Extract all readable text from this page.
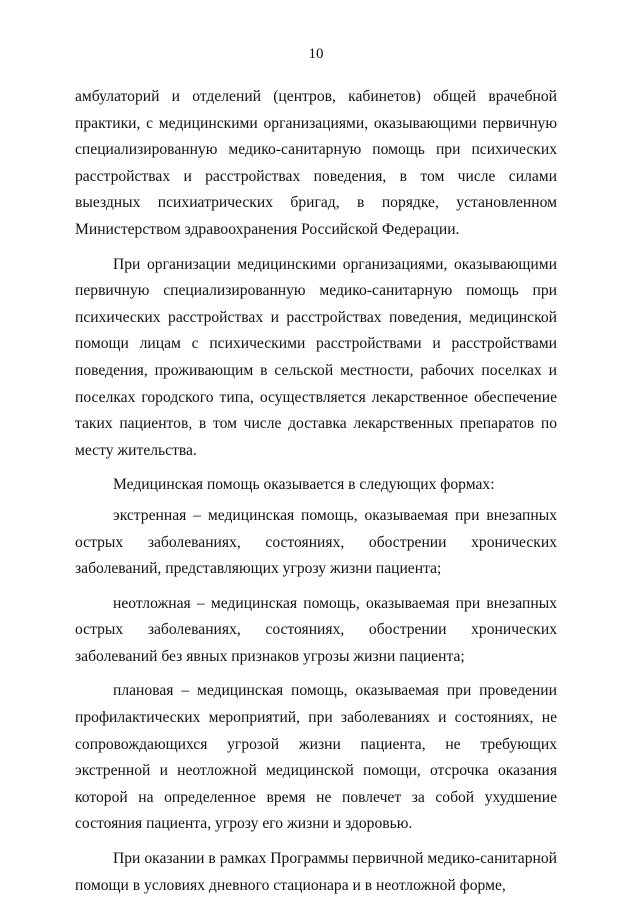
10

амбулаторий и отделений (центров, кабинетов) общей врачебной практики, с медицинскими организациями, оказывающими первичную специализированную медико-санитарную помощь при психических расстройствах и расстройствах поведения, в том числе силами выездных психиатрических бригад, в порядке, установленном Министерством здравоохранения Российской Федерации.

При организации медицинскими организациями, оказывающими первичную специализированную медико-санитарную помощь при психических расстройствах и расстройствах поведения, медицинской помощи лицам с психическими расстройствами и расстройствами поведения, проживающим в сельской местности, рабочих поселках и поселках городского типа, осуществляется лекарственное обеспечение таких пациентов, в том числе доставка лекарственных препаратов по месту жительства.

Медицинская помощь оказывается в следующих формах:

экстренная – медицинская помощь, оказываемая при внезапных острых заболеваниях, состояниях, обострении хронических заболеваний, представляющих угрозу жизни пациента;

неотложная – медицинская помощь, оказываемая при внезапных острых заболеваниях, состояниях, обострении хронических заболеваний без явных признаков угрозы жизни пациента;

плановая – медицинская помощь, оказываемая при проведении профилактических мероприятий, при заболеваниях и состояниях, не сопровождающихся угрозой жизни пациента, не требующих экстренной и неотложной медицинской помощи, отсрочка оказания которой на определенное время не повлечет за собой ухудшение состояния пациента, угрозу его жизни и здоровью.

При оказании в рамках Программы первичной медико-санитарной помощи в условиях дневного стационара и в неотложной форме,
